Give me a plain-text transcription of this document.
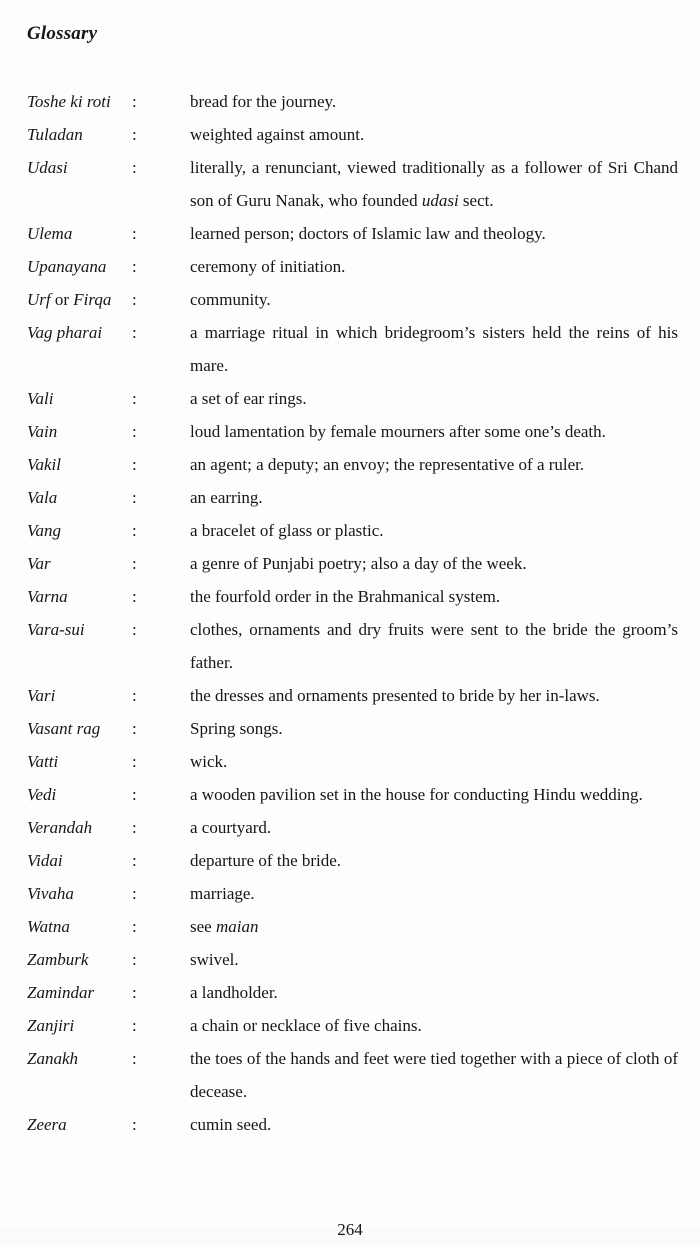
Glossary
Toshe ki roti	:	bread for the journey.
Tuladan	:	weighted against amount.
Udasi	:	literally, a renunciant, viewed traditionally as a follower of Sri Chand son of Guru Nanak, who founded udasi sect.
Ulema	:	learned person; doctors of Islamic law and theology.
Upanayana	:	ceremony of initiation.
Urf or Firqa	:	community.
Vag pharai	:	a marriage ritual in which bridegroom’s sisters held the reins of his mare.
Vali	:	a set of ear rings.
Vain	:	loud lamentation by female mourners after some one’s death.
Vakil	:	an agent; a deputy; an envoy; the representative of a ruler.
Vala	:	an earring.
Vang	:	a bracelet of glass or plastic.
Var	:	a genre of Punjabi poetry; also a day of the week.
Varna	:	the fourfold order in the Brahmanical system.
Vara-sui	:	clothes, ornaments and dry fruits were sent to the bride the groom’s father.
Vari	:	the dresses and ornaments presented to bride by her in-laws.
Vasant rag	:	Spring songs.
Vatti	:	wick.
Vedi	:	a wooden pavilion set in the house for conducting Hindu wedding.
Verandah	:	a courtyard.
Vidai	:	departure of the bride.
Vivaha	:	marriage.
Watna	:	see maian
Zamburk	:	swivel.
Zamindar	:	a landholder.
Zanjiri	:	a chain or necklace of five chains.
Zanakh	:	the toes of the hands and feet were tied together with a piece of cloth of decease.
Zeera	:	cumin seed.
264
